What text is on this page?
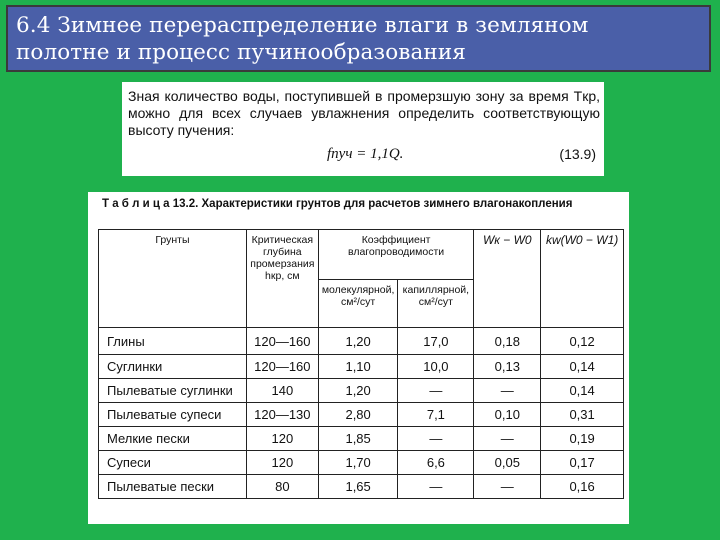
6.4 Зимнее перераспределение влаги в земляном
полотне и процесс пучинообразования
Зная количество воды, поступившей в промерзшую зону за время Tкр, можно для всех случаев увлажнения определить соответствующую высоту пучения:
fпуч = 1,1Q.	(13.9)
Т а б л и ц а 13.2. Характеристики грунтов для расчетов зимнего влагонакопления
Грунты	Критическая глубина промерзания hкр, см	Коэффициент влагопроводимости		Wк − W0	kw(W0 − W1)
		молекулярной, см²/сут	капиллярной, см²/сут		
Глины	120—160	1,20	17,0	0,18	0,12
Суглинки	120—160	1,10	10,0	0,13	0,14
Пылеватые суглинки	140	1,20	—	—	0,14
Пылеватые супеси	120—130	2,80	7,1	0,10	0,31
Мелкие пески	120	1,85	—	—	0,19
Супеси	120	1,70	6,6	0,05	0,17
Пылеватые пески	80	1,65	—	—	0,16
